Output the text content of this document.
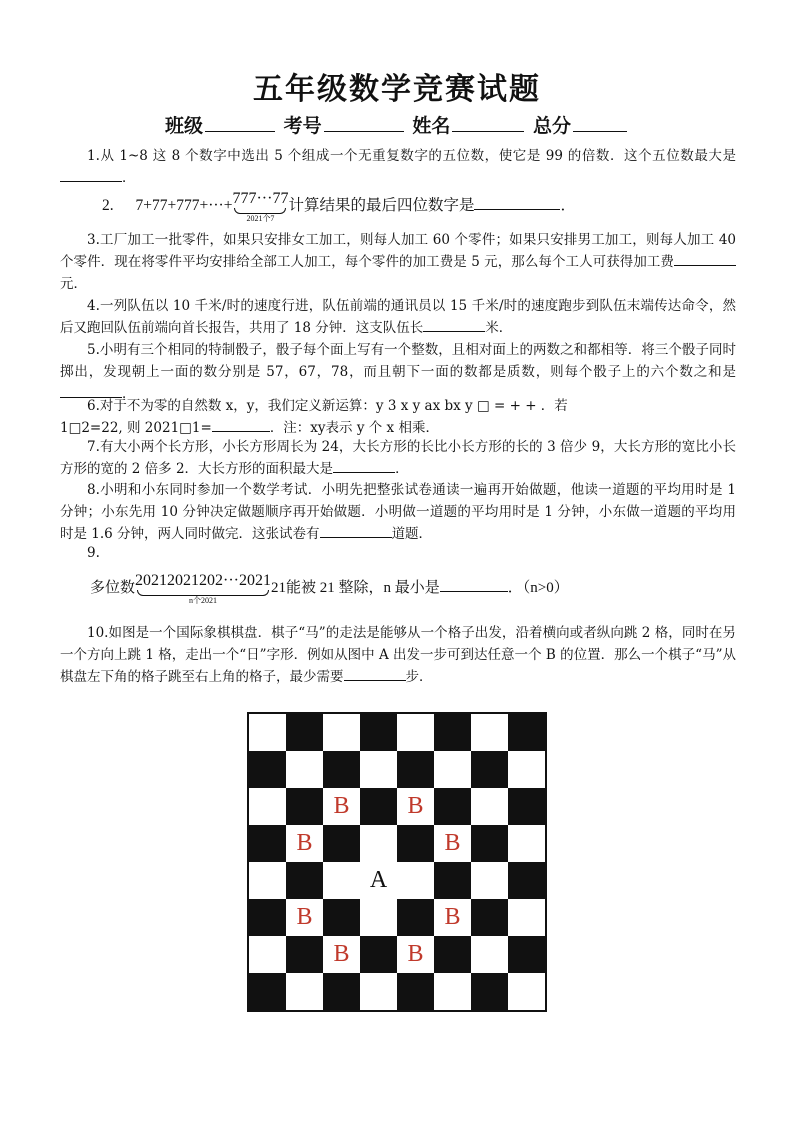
五年级数学竞赛试题
班级	考号	姓名	总分
1.从 1~8 这 8 个数字中选出 5 个组成一个无重复数字的五位数，使它是 99 的倍数．这个五位数最大是．
2. 7+77+777+···+ 777···77
2021个7
计算结果的最后四位数字是	．
3.工厂加工一批零件，如果只安排女工加工，则每人加工 60 个零件；如果只安排男工加工，则每人加工 40 个零件．现在将零件平均安排给全部工人加工，每个零件的加工费是 5 元，那么每个工人可获得加工费元．
4.一列队伍以 10 千米/时的速度行进，队伍前端的通讯员以 15 千米/时的速度跑步到队伍末端传达命令，然后又跑回队伍前端向首长报告，共用了 18 分钟．这支队伍长	米．
5.小明有三个相同的特制骰子，骰子每个面上写有一个整数，且相对面上的两数之和都相等．将三个骰子同时掷出，发现朝上一面的数分别是 57，67，78，而且朝下一面的数都是质数，则每个骰子上的六个数之和是．
6.对于不为零的自然数 x，y，我们定义新运算：y 3 x y ax bx y □ = + + ．若
1□2=22, 则 2021□1=	．注：xy表示 y 个 x 相乘．
7.有大小两个长方形，小长方形周长为 24，大长方形的长比小长方形的长的 3 倍少 9，大长方形的宽比小长方形的宽的 2 倍多 2．大长方形的面积最大是	．
8.小明和小东同时参加一个数学考试．小明先把整张试卷通读一遍再开始做题，他读一道题的平均用时是 1 分钟；小东先用 10 分钟决定做题顺序再开始做题．小明做一道题的平均用时是 1 分钟，小东做一道题的平均用时是 1.6 分钟，两人同时做完．这张试卷有	道题．
9.
多位数 20212021202···2021
n个2021
21能被 21 整除，n 最小是	．（n>0）
10.如图是一个国际象棋棋盘．棋子“马”的走法是能够从一个格子出发，沿着横向或者纵向跳 2 格，同时在另一个方向上跳 1 格，走出一个“日”字形．例如从图中 A 出发一步可到达任意一个 B 的位置．那么一个棋子“马”从棋盘左下角的格子跳至右上角的格子，最少需要	步．
B B
B	B
A
B	B
B B
